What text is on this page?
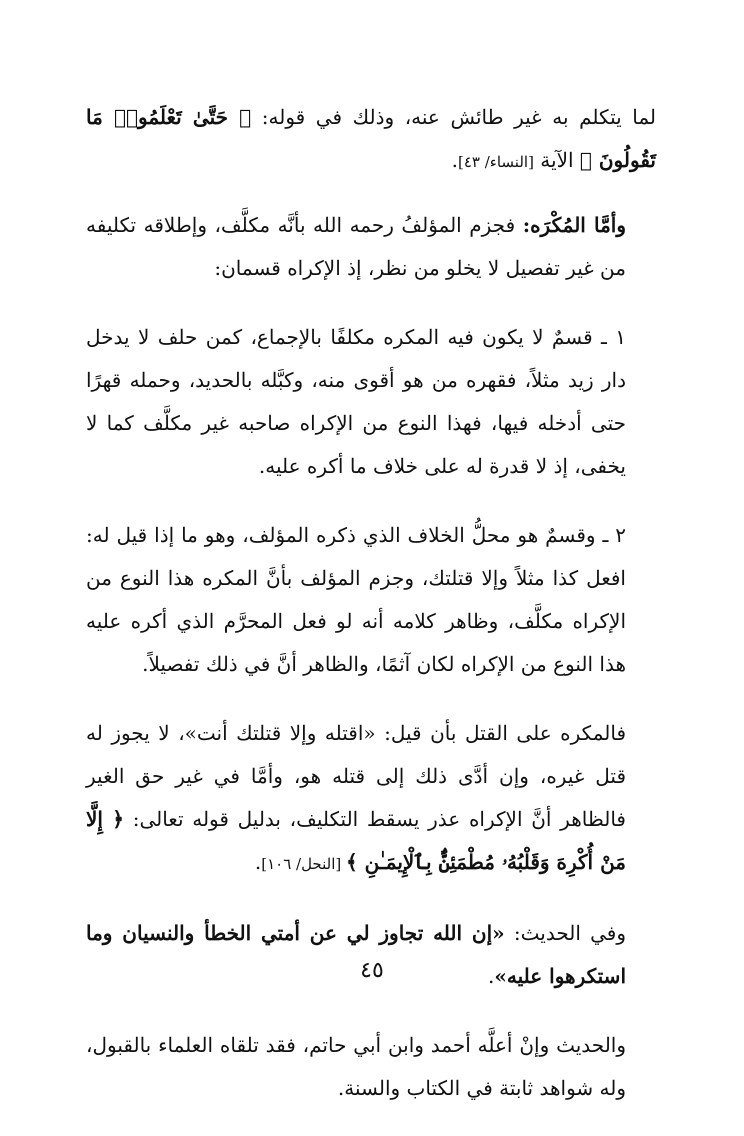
لما يتكلم به غير طائش عنه، وذلك في قوله: ﴿ حَتَّىٰ تَعْلَمُوا۟ مَا تَقُولُونَ ﴾ الآية [النساء/ ٤٣].

وأمَّا المُكْرَه: فجزم المؤلفُ رحمه الله بأنَّه مكلَّف، وإطلاقه تكليفه من غير تفصيل لا يخلو من نظر، إذ الإكراه قسمان:

١ ـ قسمٌ لا يكون فيه المكره مكلفًا بالإجماع، كمن حلف لا يدخل دار زيد مثلاً، فقهره من هو أقوى منه، وكبَّله بالحديد، وحمله قهرًا حتى أدخله فيها، فهذا النوع من الإكراه صاحبه غير مكلَّف كما لا يخفى، إذ لا قدرة له على خلاف ما أكره عليه.

٢ ـ وقسمٌ هو محلُّ الخلاف الذي ذكره المؤلف، وهو ما إذا قيل له: افعل كذا مثلاً وإلا قتلتك، وجزم المؤلف بأنَّ المكره هذا النوع من الإكراه مكلَّف، وظاهر كلامه أنه لو فعل المحرَّم الذي أكره عليه هذا النوع من الإكراه لكان آثمًا، والظاهر أنَّ في ذلك تفصيلاً.

فالمكره على القتل بأن قيل: «اقتله وإلا قتلتك أنت»، لا يجوز له قتل غيره، وإن أدَّى ذلك إلى قتله هو، وأمَّا في غير حق الغير فالظاهر أنَّ الإكراه عذر يسقط التكليف، بدليل قوله تعالى: ﴿ إِلَّا مَنْ أُكْرِهَ وَقَلْبُهُۥ مُطْمَئِنٌّۢ بِٱلْإِيمَـٰنِ ﴾ [النحل/ ١٠٦].

وفي الحديث: «إن الله تجاوز لي عن أمتي الخطأ والنسيان وما استكرهوا عليه».

والحديث وإنْ أعلَّه أحمد وابن أبي حاتم، فقد تلقاه العلماء بالقبول، وله شواهد ثابتة في الكتاب والسنة.

٤٥
